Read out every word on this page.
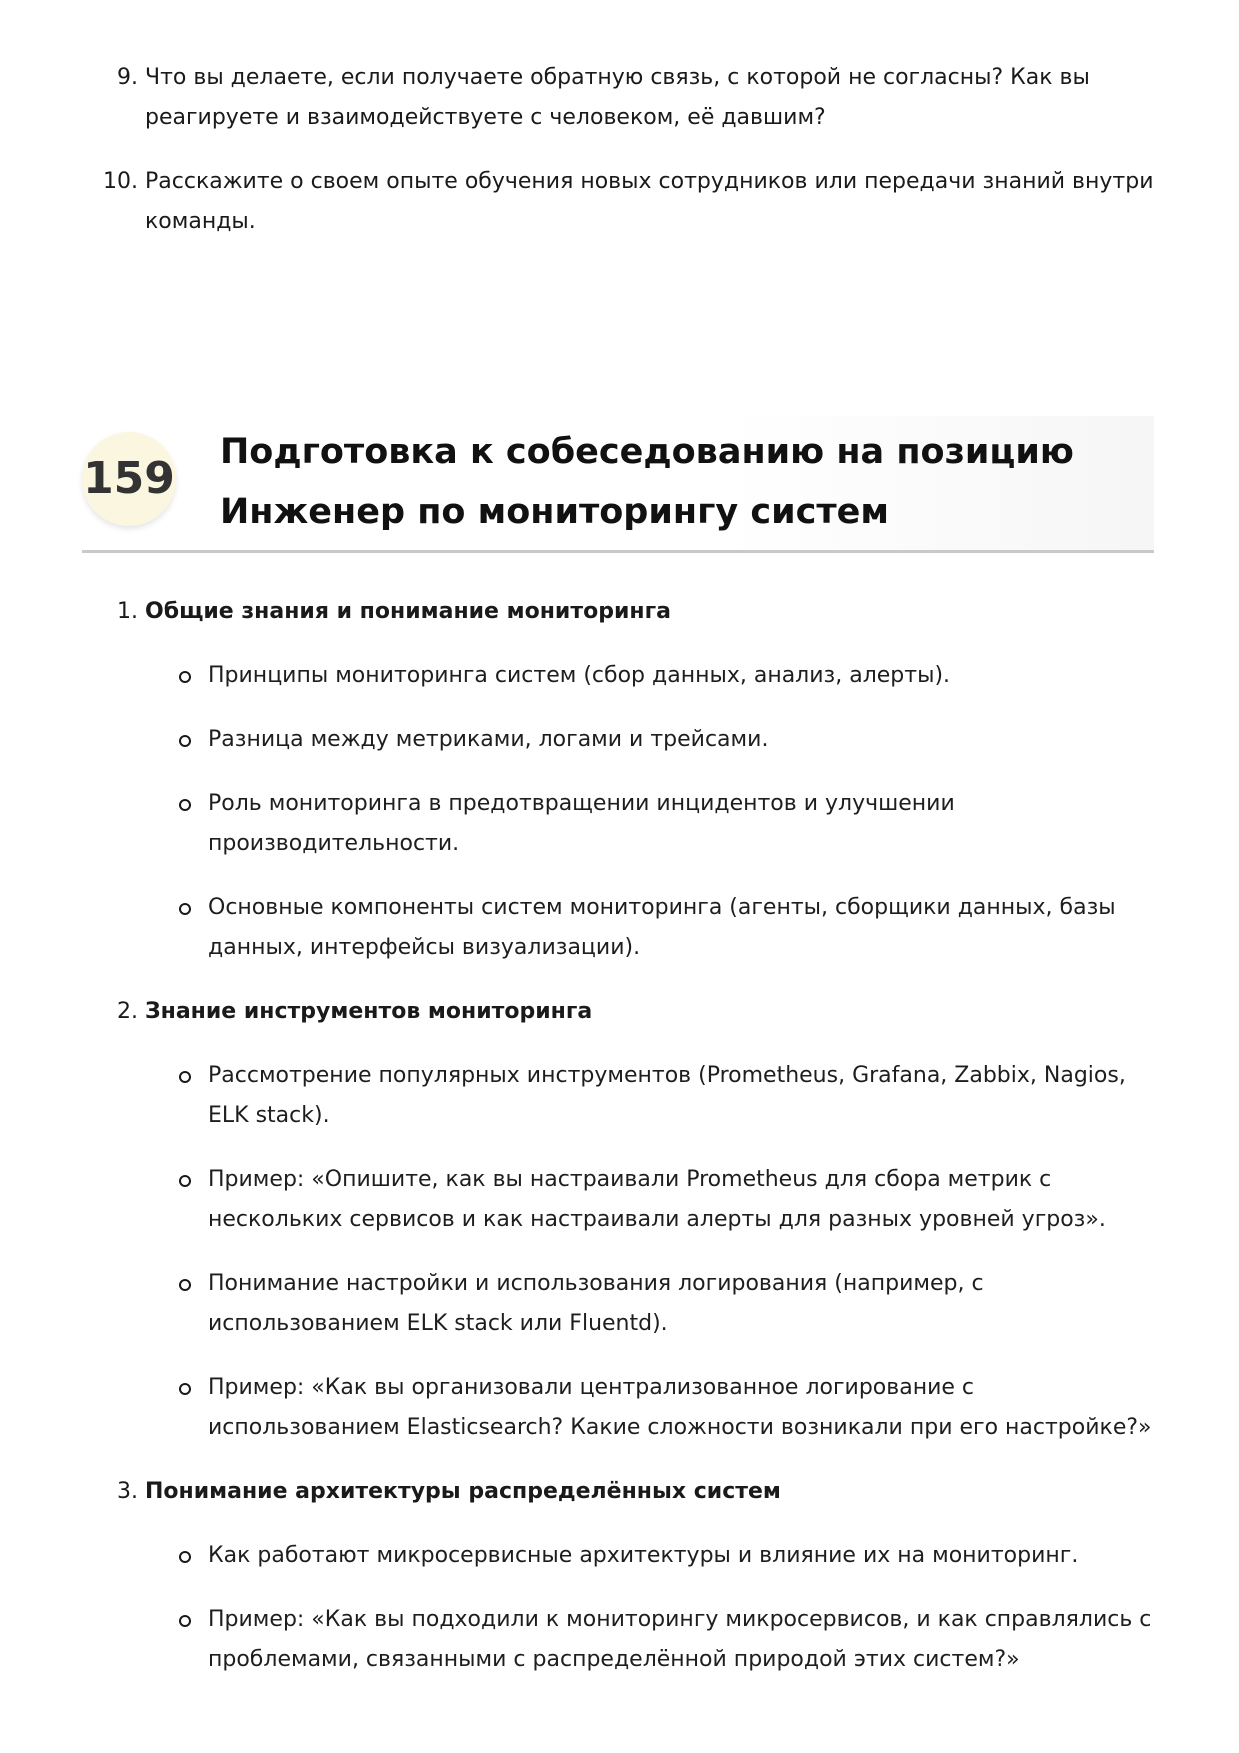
9. Что вы делаете, если получаете обратную связь, с которой не согласны? Как вы реагируете и взаимодействуете с человеком, её давшим?
10. Расскажите о своем опыте обучения новых сотрудников или передачи знаний внутри команды.
159
Подготовка к собеседованию на позицию
Инженер по мониторингу систем
1. Общие знания и понимание мониторинга
Принципы мониторинга систем (сбор данных, анализ, алерты).
Разница между метриками, логами и трейсами.
Роль мониторинга в предотвращении инцидентов и улучшении производительности.
Основные компоненты систем мониторинга (агенты, сборщики данных, базы данных, интерфейсы визуализации).
2. Знание инструментов мониторинга
Рассмотрение популярных инструментов (Prometheus, Grafana, Zabbix, Nagios, ELK stack).
Пример: «Опишите, как вы настраивали Prometheus для сбора метрик с нескольких сервисов и как настраивали алерты для разных уровней угроз».
Понимание настройки и использования логирования (например, с использованием ELK stack или Fluentd).
Пример: «Как вы организовали централизованное логирование с использованием Elasticsearch? Какие сложности возникали при его настройке?»
3. Понимание архитектуры распределённых систем
Как работают микросервисные архитектуры и влияние их на мониторинг.
Пример: «Как вы подходили к мониторингу микросервисов, и как справлялись с проблемами, связанными с распределённой природой этих систем?»
